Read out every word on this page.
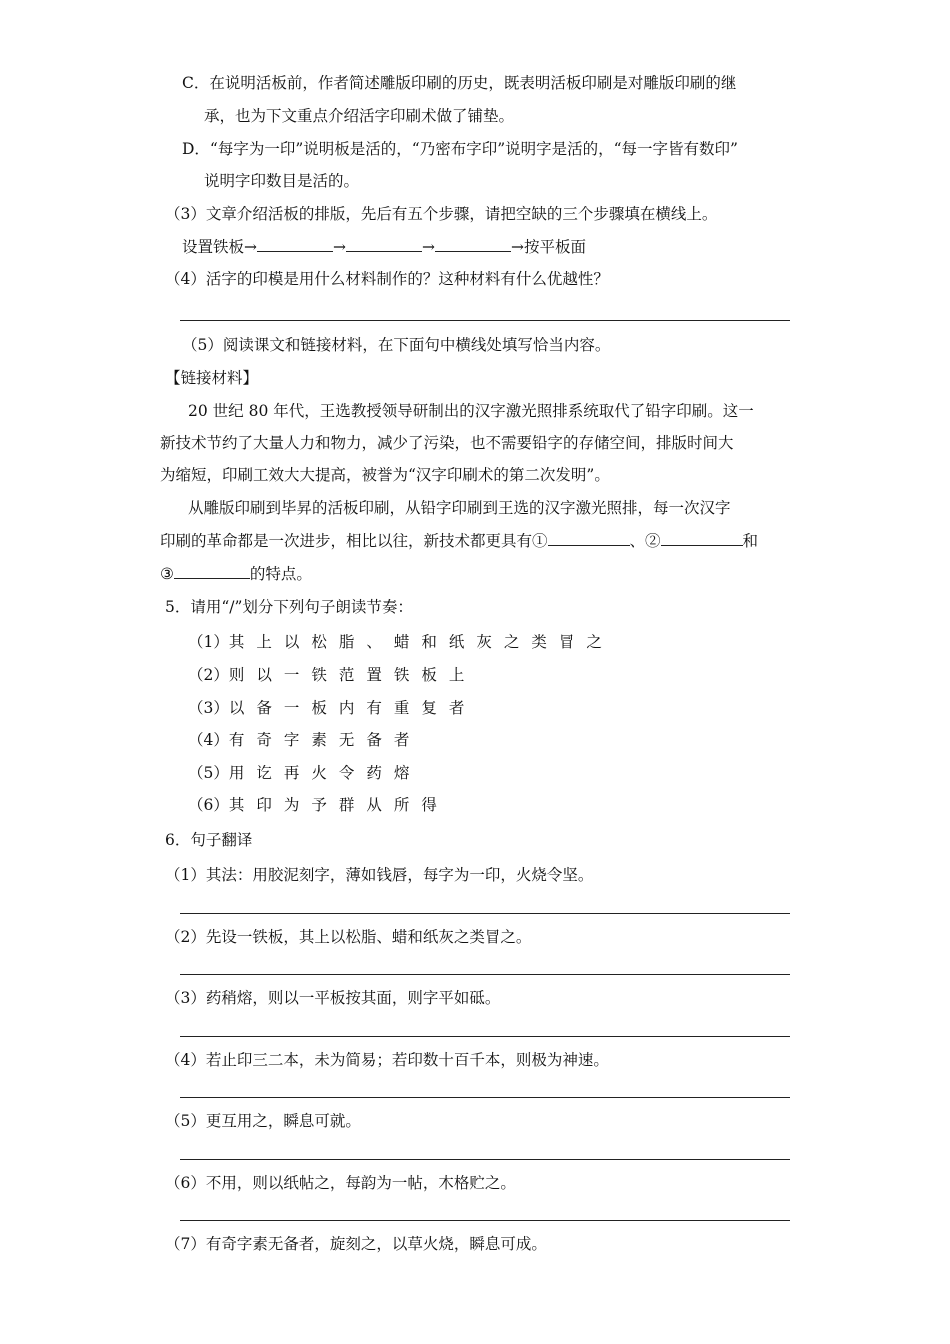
C．在说明活板前，作者简述雕版印刷的历史，既表明活板印刷是对雕版印刷的继
承，也为下文重点介绍活字印刷术做了铺垫。
D．“每字为一印”说明板是活的，“乃密布字印”说明字是活的，“每一字皆有数印”
说明字印数目是活的。
（3）文章介绍活板的排版，先后有五个步骤，请把空缺的三个步骤填在横线上。
设置铁板→	→	→	→按平板面
（4）活字的印模是用什么材料制作的？这种材料有什么优越性？
（5）阅读课文和链接材料，在下面句中横线处填写恰当内容。
【链接材料】
20 世纪 80 年代，王选教授领导研制出的汉字激光照排系统取代了铅字印刷。这一
新技术节约了大量人力和物力，减少了污染，也不需要铅字的存储空间，排版时间大
为缩短，印刷工效大大提高，被誉为“汉字印刷术的第二次发明”。
从雕版印刷到毕昇的活板印刷，从铅字印刷到王选的汉字激光照排，每一次汉字
印刷的革命都是一次进步，相比以往，新技术都更具有①	、②	和
③	的特点。
5．请用“/”划分下列句子朗读节奏：
（1）其上以松脂、蜡和纸灰之类冒之
（2）则以一铁范置铁板上
（3）以备一板内有重复者
（4）有奇字素无备者
（5）用讫再火令药熔
（6）其印为予群从所得
6．句子翻译
（1）其法：用胶泥刻字，薄如钱唇，每字为一印，火烧令坚。
（2）先设一铁板，其上以松脂、蜡和纸灰之类冒之。
（3）药稍熔，则以一平板按其面，则字平如砥。
（4）若止印三二本，未为简易；若印数十百千本，则极为神速。
（5）更互用之，瞬息可就。
（6）不用，则以纸帖之，每韵为一帖，木格贮之。
（7）有奇字素无备者，旋刻之，以草火烧，瞬息可成。
